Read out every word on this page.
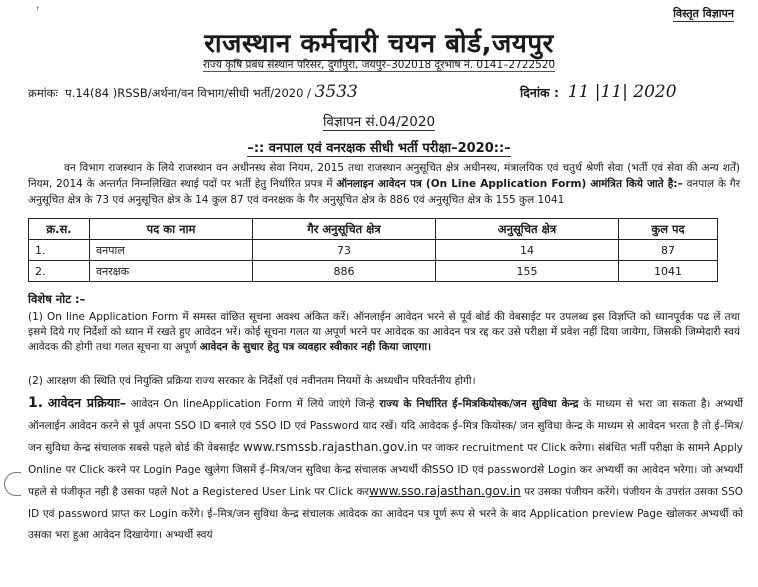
ꜛ	विस्तृत विज्ञापन
राजस्थान कर्मचारी चयन बोर्ड,जयपुर
राज्य कृषि प्रबंध संस्थान परिसर, दुर्गापुरा, जयपुर–302018 दूरभाष नं. 0141–2722520
क्रमांकः प.14(84 )RSSB/अर्थना/वन विभाग/सीधी भर्ती/2020 / 3533	दिनांक : 11 |11| 2020
विज्ञापन सं.04/2020
–:: वनपाल एवं वनरक्षक सीधी भर्ती परीक्षा–2020::–
वन विभाग राजस्थान के लिये राजस्थान वन अधीनस्थ सेवा नियम, 2015 तथा राजस्थान अनुसूचित क्षेत्र अधीनस्थ, मंत्रालयिक एवं चतुर्थ श्रेणी सेवा (भर्ती एवं सेवा की अन्य शर्तें) नियम, 2014 के अन्तर्गत निम्नलिखित स्थाई पदों पर भर्ती हेतु निर्धारित प्रपत्र में ऑनलाइन आवेदन पत्र (On Line Application Form) आमंत्रित किये जाते है:– वनपाल के गैर अनुसूचित क्षेत्र के 73 एवं अनुसूचित क्षेत्र के 14 कुल 87 एवं वनरक्षक के गैर अनुसूचित क्षेत्र के 886 एवं अनुसूचित क्षेत्र के 155 कुल 1041
क्र.स.	पद का नाम	गैर अनुसूचित क्षेत्र	अनुसूचित क्षेत्र	कुल पद
1.	वनपाल	73	14	87
2.	वनरक्षक	886	155	1041
विशेष नोट :–
(1) On line Application Form में समस्त वांछित सूचना अवश्य अंकित करें। ऑनलाईन आवेदन भरने से पूर्व बोर्ड की वेबसाईट पर उपलब्ध इस विज्ञप्ति को ध्यानपूर्वक पढ लें तथा इसमे दिये गए निर्देशों को ध्यान में रखते हुए आवेदन भरें। कोई सूचना गलत या अपूर्ण भरने पर आवेदक का आवेदन पत्र रद्द कर उसे परीक्षा में प्रवेश नहीं दिया जायेगा, जिसकी जिम्मेदारी स्वयं आवेदक की होगी तथा गलत सूचना या अपूर्ण आवेदन के सुधार हेतु पत्र व्यवहार स्वीकार नही किया जाएगा।
(2) आरक्षण की स्थिति एवं नियुक्ति प्रक्रिया राज्य सरकार के निर्देशों एवं नवीनतम नियमों के अध्यधीन परिवर्तनीय होगी।
1. आवेदन प्रक्रियाः– आवेदन On lineApplication Form में लिये जाएंगे जिन्हे राज्य के निर्धारित ई–मित्रकियोस्क/जन सुविधा केन्द्र के माध्यम से भरा जा सकता है। अभ्यर्थी ऑनलाईन आवेदन करने से पूर्व अपना SSO ID बनाले एवं SSO ID एवं Password याद रखें। यदि आवेदक ई–मित्र कियोस्क/ जन सुविधा केन्द्र के माध्यम से आवेदन भरता है तो ई–मित्र/जन सुविधा केन्द्र संचालक सबसे पहले बोर्ड की वेबसाईट www.rsmssb.rajasthan.gov.in पर जाकर recruitment पर Click करेगा। संबंधित भर्ती परीक्षा के सामने Apply Online पर Click करने पर Login Page खुलेगा जिसमें ई–मित्र/जन सुविधा केन्द्र संचालक अभ्यर्थी कीSSO ID एवं passwordसे Login कर अभ्यर्थी का आवेदन भरेगा। जो अभ्यर्थी पहले से पंजीकृत नही है उसका पहले Not a Registered User Link पर Click करwww.sso.rajasthan.gov.in पर उसका पंजीयन करेंगे। पंजीयन के उपरांत उसका SSO ID एवं password प्राप्त कर Login करेंगे। ई–मित्र/जन सुविधा केन्द्र संचालक आवेदक का आवेदन पत्र पूर्ण रूप से भरने के बाद Application preview Page खोलकर अभ्यर्थी को उसका भरा हुआ आवेदन दिखायेगा। अभ्यर्थी स्वयं
